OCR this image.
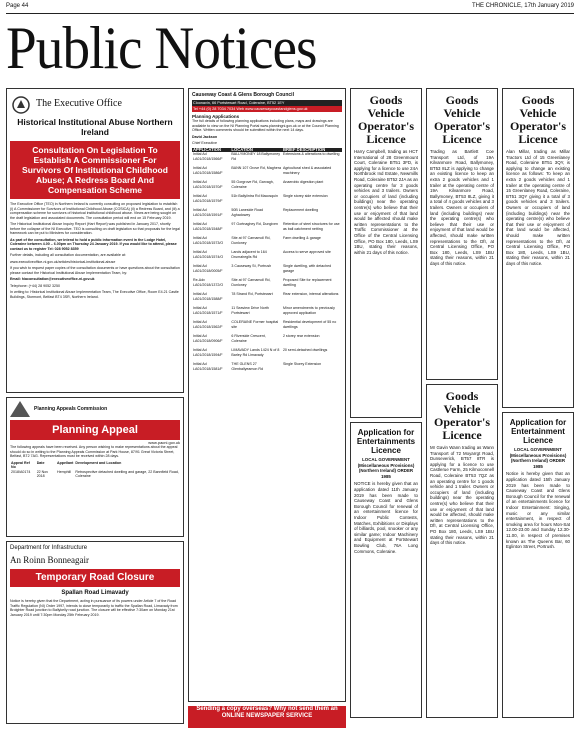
Page 44	THE CHRONICLE, 17th January 2019
Public Notices
The Executive Office
Historical Institutional Abuse Northern Ireland
Consultation On Legislation To Establish A Commissioner For Survivors Of Institutional Childhood Abuse; A Redress Board And Compensation Scheme

The Executive Office (TEO) in Northern Ireland is currently consulting on proposed legislation to establish (i) A Commissioner for Survivors of Institutional Childhood Abuse (COSICA) (ii) a Redress Board, and (iii) a compensation scheme for survivors of historical institutional childhood abuse. Views are being sought on the draft legislation and associated documents. The consultation period will end on 15 February 2019.

The Historical Institutional Abuse Inquiry Report (Hart Report) was published in January 2017, shortly before the collapse of the NI Executive. TEO is consulting on draft legislation so that proposals for the legal framework can be put to Ministers for consideration.

As part of the consultation, we intend to hold a public information event in the Lodge Hotel, Coleraine between 4.00 – 6.00pm on Thursday 24 January 2019. If you would like to attend, please contact us to register Tel: 028 9052 8359

Further details, including all consultation documentation, are available at:

www.executiveoffice-ni.gov.uk/articles/historical-institutional-abuse

If you wish to request paper copies of the consultation documents or have questions about the consultation please contact the Historical Institutional Abuse Implementation Team, by:

Email: hiaconsultation@executiveoffice-ni.gov.uk

Telephone: (+44) 28 9052 3250

In writing to: Historical Institutional Abuse Implementation Team, The Executive Office, Room E4.21 Castle Buildings, Stormont, Belfast BT4 3SR, Northern Ireland.

Planning Appeals Commission
Planning Appeal
www.pacni.gov.uk

The following appeals have been received. Any person wishing to make representations about the appeal should do so in writing to the Planning Appeals Commission at Park House, 87/91 Great Victoria Street, Belfast, BT2 7AG. Representations must be received within 28 days.

Appeal Ref No	Date	Appellant	Development and Location
2018/A0174	22 Nov 2018	Hemphill	Retrospective detached dwelling and garage, 22 Bannfield Road, Coleraine
Department for Infrastructure
An Roinn Bonneagair
Temporary Road Closure
Spallan Road Limavady

Notice is hereby given that the Department, acting in pursuance of its powers under Article 7 of the Road Traffic Regulation (NI) Order 1997, intends to close temporarily to traffic the Spallan Road, Limavady from Broighter Road junction to Ballykelly road junction. The closure will be effective 7:30am on Monday 21st January 2019 until 7:30pm Monday 25th February 2019.

Causeway Coast & Glens Borough Council
Cloonavin, 66 Portstewart Road, Coleraine, BT52 1EY
Tel +44 (0) 28 7034 7034 Web www.causewaycoastandglens.gov.uk
Planning Applications

The full details of following planning applications including plans, maps and drawings are available to view on the NI Planning Portal www.planningni.gov.uk or at the Council Planning Office. Written comments should be submitted within the next 14 days.

David Jackson
Chief Executive
APPLICATION	LOCATION	BRIEF DESCRIPTION
Initial Ad LA01/2018/1566/F	BALLYMONEY 18 Ballymoney Rd	Extensions & alterations to dwelling
Initial Ad LA01/2018/1586/F	BANN 107 Grove Rd, Maghera	Agricultural shed & associated machinery
Initial Ad LA01/2018/1570/F	55 Gorgrove Rd, Garvagh, Coleraine	Anaerobic digestion plant
Initial Ad LA01/2018/1579/F	51b Ballylintra Rd Macosquin	Single storey side extension
Initial Ad LA01/2018/1591/F	50B Laneside Road Aghadowey	Replacement dwelling
Initial Ad LA01/2018/1548/F	97 Gortnaghey Rd, Dungiven	Retention of steel structures for use as ball catchment netting
Initial Ad LA01/2018/1573/O	Site at 97 Carnamoll Rd, Dunloney	Farm dwelling & garage
Initial Ad LA01/2018/1574/O	Lands adjacent to 164 Drumaheglis Rd	Access to serve approved site
Initial Ad LA01/2018/0005/F	3 Causeway St, Portrush	Single dwelling, with detached garage
Re-Adv LA01/2018/1372/O	Site at 97 Carnamoll Rd, Dunloney	Proposed Site for replacement dwelling
Initial Ad LA01/2018/1588/F	78 Strand Rd, Portstewart	Rear extension, internal alterations
Initial Ad LA01/2018/1571/F	11 Seaview Drive North Portstewart	Minor amendments to previously approved application
Initial Ad LA01/2018/1562/F	COLERAINE Former hospital site	Residential development of 55 no dwellings
Initial Ad LA01/2018/0906/F	6 Riverside Crescent, Coleraine	2 storey rear extension
Initial Ad LA01/2018/1594/F	LIMAVADY Lands 1424 N of 8 Barley Rd Limavady	20 semi-detached dwellings
Initial Ad LA01/2018/1581/F	THE GLENS 27 Glenballyeamon Rd	Single Storey Extension
Sending a copy overseas? Why not send them an ONLINE NEWSPAPER SERVICE
Goods Vehicle Operator's Licence

Harry Campbell, trading as HCT International of 28 Greenmount Court, Coleraine BT51 3FD, is applying for a licence to use 24A Northbrook Ind Estate, Newmills Road, Coleraine BT52 2JA as an operating centre for 3 goods vehicles and 3 trailers. Owners or occupiers of land (including buildings) near the operating centre(s) who believe that their use or enjoyment of that land would be affected should make written representations to the Traffic Commissioner at the Office of the Central Licensing Office, PO Box 180, Leeds, LS9 1BU, stating their reasons, within 21 days of this notice.

Application for Entertainments Licence

LOCAL GOVERNMENT (Miscellaneous Provisions) (Northern Ireland) ORDER 1985

NOTICE is hereby given that an application dated 11th January 2019 has been made to Causeway Coast and Glens Borough Council for renewal of an entertainment licence for Indoor Public Contests, Matches, Exhibitions or Displays of billiards, pool, snooker or any similar game; Indoor Machinery and Equipment at Portstewart Bowling Club, 76A Long Commons, Coleraine.

Goods Vehicle Operator's Licence

Trading as Bartlett Coe Transport Ltd, of 19A Kilvanmore Road, Ballymoney, BT53 8LZ is applying to change an existing licence to keep an extra 2 goods vehicles and 1 trailer at the operating centre of 19A Kilvanmore Road, Ballymoney, BT53 8LZ, giving it a total of 4 goods vehicles and 3 trailers. Owners or occupiers of land (including buildings) near the operating centre(s) who believe that their use or enjoyment of that land would be affected, should make written representations to the DfI, at Central Licensing Office, PO Box 180, Leeds, LS9 1BU stating their reasons, within 21 days of this notice.

Goods Vehicle Operator's Licence

Mr Gavin Wann trading as Wann Transport of 72 Moyarrgt Road, Dunseverick, BT57 8TR is applying for a licence to use Castlerue Farm, 25 Kilmoconnell Road, Coleraine BT53 7QZ as an operating centre for 1 goods vehicle and 1 trailer. Owners or occupiers of land (including buildings) near the operating centre(s) who believe that their use or enjoyment of that land would be affected, should make written representations to the DfI, at Central Licensing Office, PO Box 180, Leeds, LS9 1BU stating their reasons, within 21 days of this notice.

Goods Vehicle Operator's Licence

Alan Millar, trading as Millar Tractors Ltd of 15 Greenlaney Road, Coleraine BT51 3QY, is applying to change an existing licence as follows: To keep an extra 2 goods vehicles and 1 trailer at the operating centre of 15 Greenlaney Road, Coleraine, BT51 3QY giving it a total of 3 goods vehicles and 3 trailers. Owners or occupiers of land (including buildings) near the operating centre(s) who believe that their use or enjoyment of that land would be affected, should make written representations to the DfI, at Central Licensing Office, PO Box 180, Leeds, LS9 1BU, stating their reasons, within 21 days of this notice.

Application for Entertainment Licence

LOCAL GOVERNMENT (Miscellaneous Provisions) (Northern Ireland) ORDER 1985

Notice is hereby given that an application dated 15th January 2019 has been made to Causeway Coast and Glens Borough Council for the renewal of an entertainments licence for Indoor Entertainment: Singing, music or any similar entertainment, in respect of smoking area for hours Mon-Sat 12.00-23.00 and Sunday 12.30-11.00, in respect of premises known as The Queens Bar, 60 Eglinton Street, Portrush.
